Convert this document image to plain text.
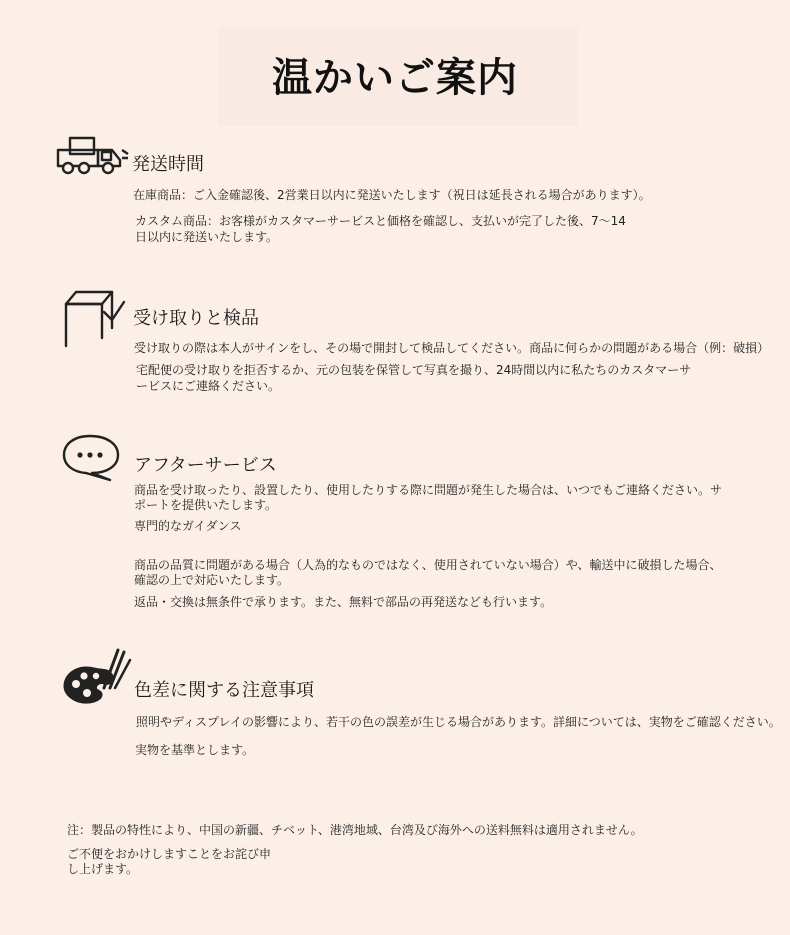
温かいご案内
発送時間
在庫商品：ご入金確認後、2営業日以内に発送いたします（祝日は延長される場合があります）。
カスタム商品：お客様がカスタマーサービスと価格を確認し、支払いが完了した後、7〜14
日以内に発送いたします。
受け取りと検品
受け取りの際は本人がサインをし、その場で開封して検品してください。商品に何らかの問題がある場合（例：破損）
宅配便の受け取りを拒否するか、元の包装を保管して写真を撮り、24時間以内に私たちのカスタマーサ
ービスにご連絡ください。
アフターサービス
商品を受け取ったり、設置したり、使用したりする際に問題が発生した場合は、いつでもご連絡ください。サ
ポートを提供いたします。
専門的なガイダンス
商品の品質に問題がある場合（人為的なものではなく、使用されていない場合）や、輸送中に破損した場合、
確認の上で対応いたします。
返品・交換は無条件で承ります。また、無料で部品の再発送なども行います。
色差に関する注意事項
照明やディスプレイの影響により、若干の色の誤差が生じる場合があります。詳細については、実物をご確認ください。
実物を基準とします。
注：製品の特性により、中国の新疆、チベット、港湾地域、台湾及び海外への送料無料は適用されません。
ご不便をおかけしますことをお詫び申
し上げます。
